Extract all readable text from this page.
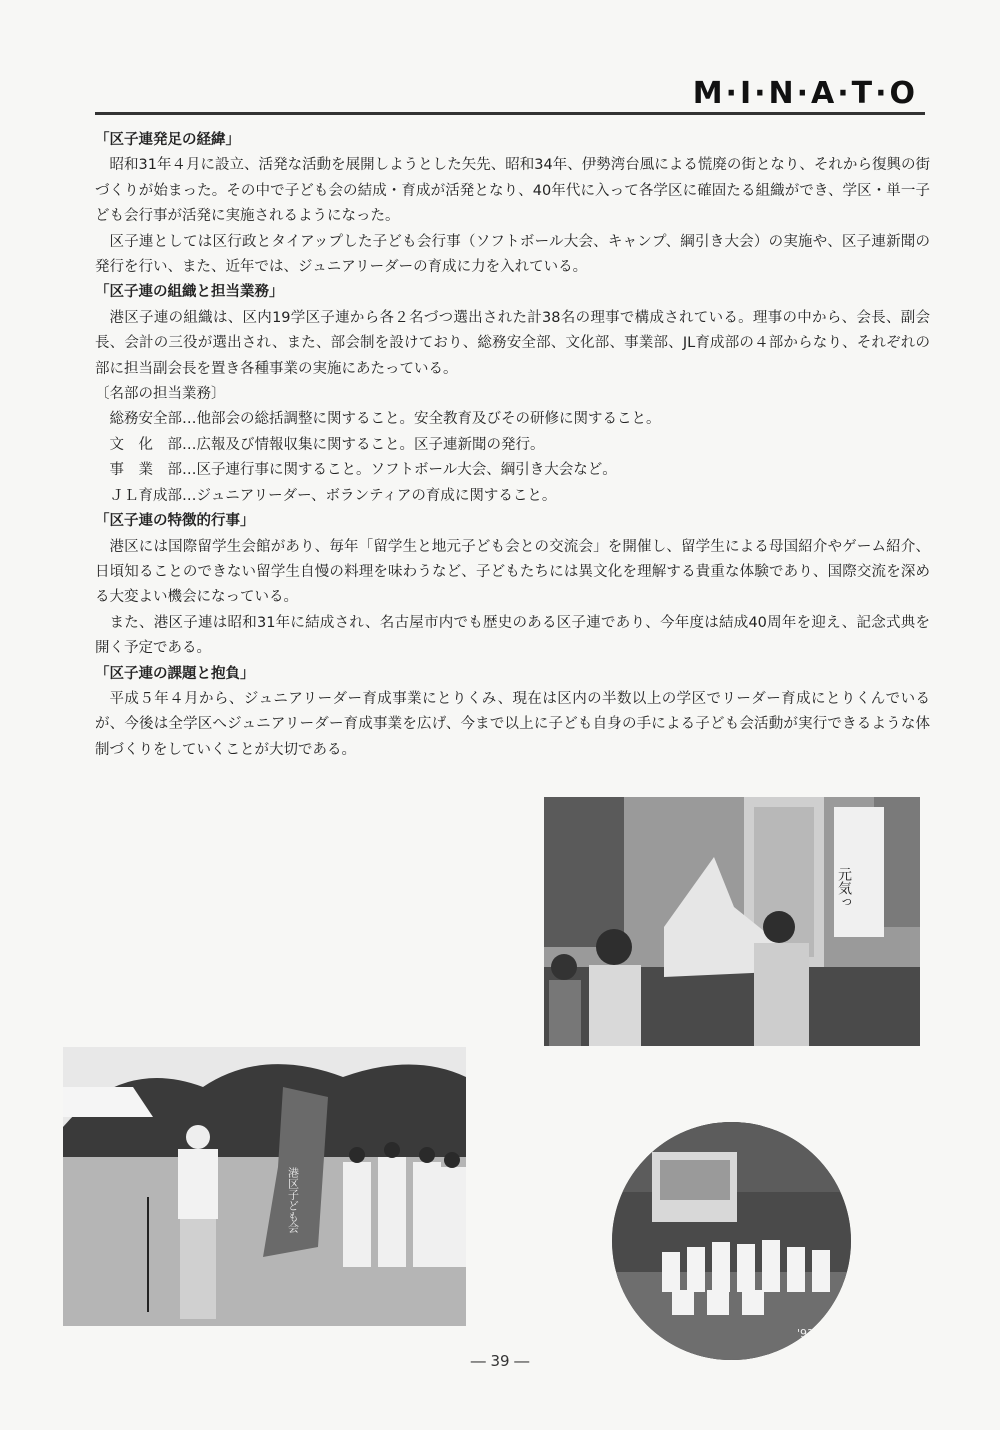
M·I·N·A·T·O
「区子連発足の経緯」

昭和31年４月に設立、活発な活動を展開しようとした矢先、昭和34年、伊勢湾台風による慌廃の街となり、それから復興の街づくりが始まった。その中で子ども会の結成・育成が活発となり、40年代に入って各学区に確固たる組織ができ、学区・単一子ども会行事が活発に実施されるようになった。

区子連としては区行政とタイアップした子ども会行事（ソフトボール大会、キャンプ、綱引き大会）の実施や、区子連新聞の発行を行い、また、近年では、ジュニアリーダーの育成に力を入れている。

「区子連の組織と担当業務」

港区子連の組織は、区内19学区子連から各２名づつ選出された計38名の理事で構成されている。理事の中から、会長、副会長、会計の三役が選出され、また、部会制を設けており、総務安全部、文化部、事業部、JL育成部の４部からなり、それぞれの部に担当副会長を置き各種事業の実施にあたっている。

〔名部の担当業務〕
総務安全部…他部会の総括調整に関すること。安全教育及びその研修に関すること。
文　化　部…広報及び情報収集に関すること。区子連新聞の発行。
事　業　部…区子連行事に関すること。ソフトボール大会、綱引き大会など。
ＪＬ育成部…ジュニアリーダー、ボランティアの育成に関すること。
「区子連の特徴的行事」

港区には国際留学生会館があり、毎年「留学生と地元子ども会との交流会」を開催し、留学生による母国紹介やゲーム紹介、日頃知ることのできない留学生自慢の料理を味わうなど、子どもたちには異文化を理解する貴重な体験であり、国際交流を深める大変よい機会になっている。

また、港区子連は昭和31年に結成され、名古屋市内でも歴史のある区子連であり、今年度は結成40周年を迎え、記念式典を開く予定である。

「区子連の課題と抱負」

平成５年４月から、ジュニアリーダー育成事業にとりくみ、現在は区内の半数以上の学区でリーダー育成にとりくんでいるが、今後は全学区へジュニアリーダー育成事業を広げ、今まで以上に子ども自身の手による子ども会活動が実行できるような体制づくりをしていくことが大切である。

元気っ
港区子ども会
'93
― 39 ―
